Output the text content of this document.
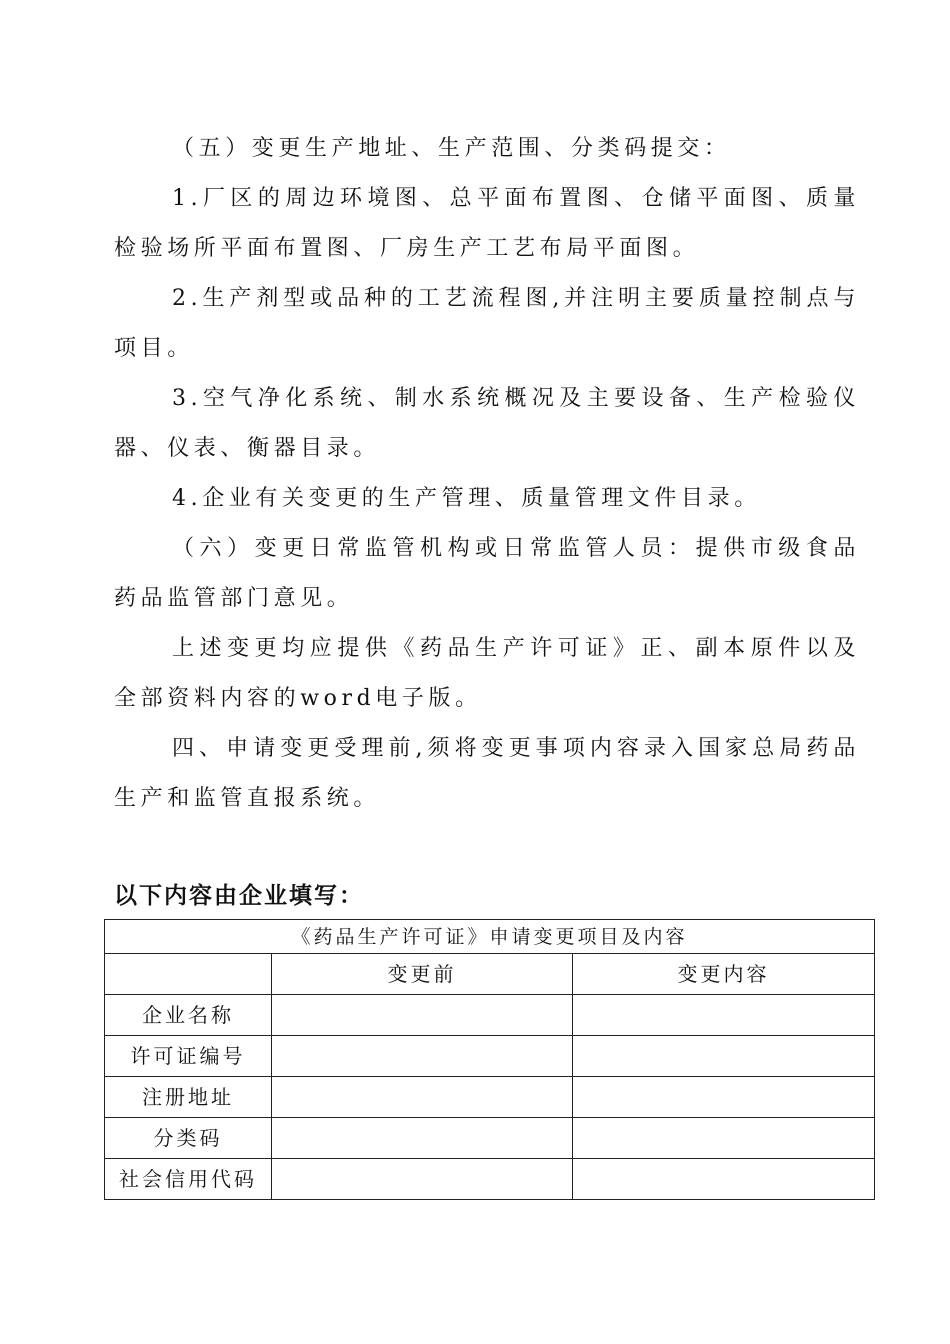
（五）变更生产地址、生产范围、分类码提交：

1.厂区的周边环境图、总平面布置图、仓储平面图、质量检验场所平面布置图、厂房生产工艺布局平面图。

2.生产剂型或品种的工艺流程图,并注明主要质量控制点与项目。

3.空气净化系统、制水系统概况及主要设备、生产检验仪器、仪表、衡器目录。

4.企业有关变更的生产管理、质量管理文件目录。

（六）变更日常监管机构或日常监管人员：提供市级食品药品监管部门意见。

上述变更均应提供《药品生产许可证》正、副本原件以及全部资料内容的word电子版。

四、申请变更受理前,须将变更事项内容录入国家总局药品生产和监管直报系统。

以下内容由企业填写：
《药品生产许可证》申请变更项目及内容		
	变更前	变更内容
企业名称		
许可证编号		
注册地址		
分类码		
社会信用代码		
